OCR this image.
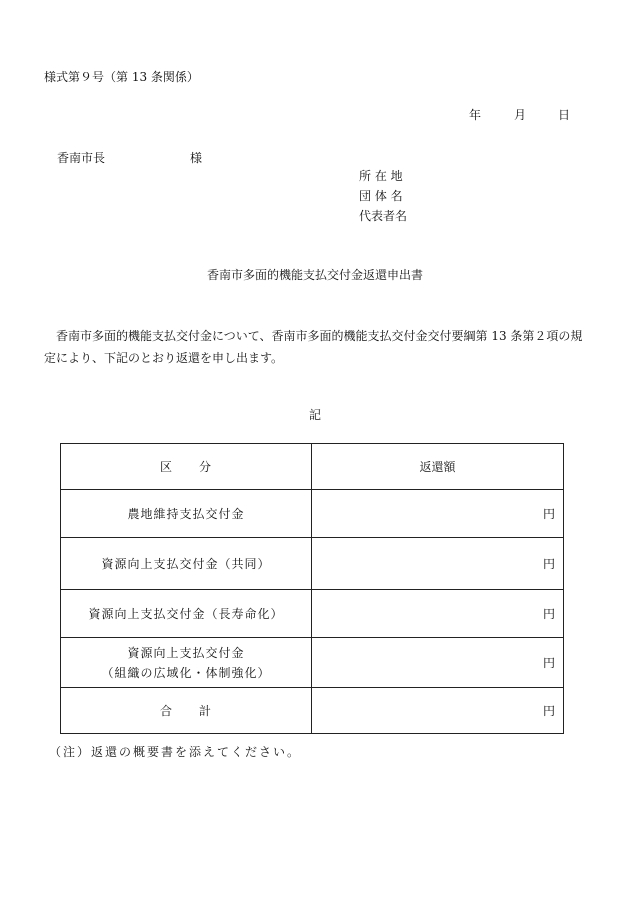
様式第９号（第 13 条関係）
年	月	日
香南市長	様
所 在 地
団 体 名
代表者名
香南市多面的機能支払交付金返還申出書
香南市多面的機能支払交付金について、香南市多面的機能支払交付金交付要綱第 13 条第２項の規定により、下記のとおり返還を申し出ます。
記
区　　分	返還額

農地維持支払交付金	円

資源向上支払交付金（共同）	円

資源向上支払交付金（長寿命化）	円

資源向上支払交付金
（組織の広域化・体制強化）	円

合　　計	円
（注）返還の概要書を添えてください。
